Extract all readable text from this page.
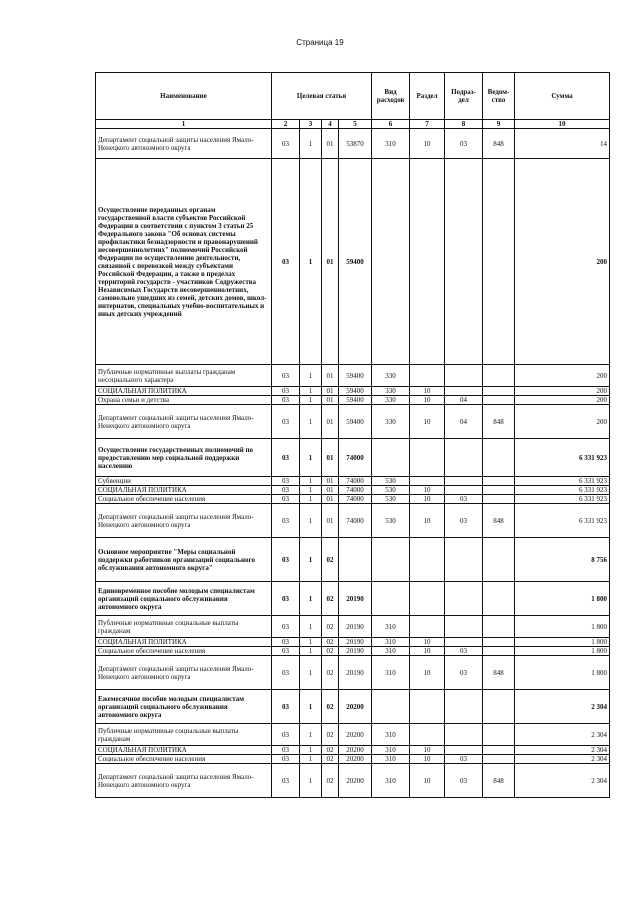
Страница 19
Наименование	Целевая статья				Вид расходов	Раздел	Подраз-дел	Ведом-ство	Сумма
1	2	3	4	5	6	7	8	9	10
Департамент социальной защиты населения Ямало-Ненецкого автономного округа	03	1	01	53870	310	10	03	848	14
Осуществление переданных органам государственной власти субъектов Российской Федерации в соответствии с пунктом 3 статьи 25 Федерального закона "Об основах системы профилактики безнадзорности и правонарушений несовершеннолетних" полномочий Российской Федерации по осуществлению деятельности, связанной с перевозкой между субъектами Российской Федерации, а также в пределах территорий государств - участников Содружества Независимых Государств несовершеннолетних, самовольно ушедших из семей, детских домов, школ-интернатов, специальных учебно-воспитательных и иных детских учреждений	03	1	01	59400					200
Публичные нормативные выплаты гражданам несоциального характера	03	1	01	59400	330				200
СОЦИАЛЬНАЯ ПОЛИТИКА	03	1	01	59400	330	10			200
Охрана семьи и детства	03	1	01	59400	330	10	04		200
Департамент социальной защиты населения Ямало-Ненецкого автономного округа	03	1	01	59400	330	10	04	848	200
Осуществление государственных полномочий по предоставлению мер социальной поддержки населению	03	1	01	74000					6 331 923
Субвенции	03	1	01	74000	530				6 331 923
СОЦИАЛЬНАЯ ПОЛИТИКА	03	1	01	74000	530	10			6 331 923
Социальное обеспечение населения	03	1	01	74000	530	10	03		6 331 923
Департамент социальной защиты населения Ямало-Ненецкого автономного округа	03	1	01	74000	530	10	03	848	6 331 923
Основное мероприятие "Меры социальной поддержки работников организаций социального обслуживания автономного округа"	03	1	02						8 756
Единовременное пособие молодым специалистам организаций социального обслуживания автономного округа	03	1	02	20190					1 800
Публичные нормативные социальные выплаты гражданам	03	1	02	20190	310				1 800
СОЦИАЛЬНАЯ ПОЛИТИКА	03	1	02	20190	310	10			1 800
Социальное обеспечение населения	03	1	02	20190	310	10	03		1 800
Департамент социальной защиты населения Ямало-Ненецкого автономного округа	03	1	02	20190	310	10	03	848	1 800
Ежемесячное пособие молодым специалистам организаций социального обслуживания автономного округа	03	1	02	20200					2 304
Публичные нормативные социальные выплаты гражданам	03	1	02	20200	310				2 304
СОЦИАЛЬНАЯ ПОЛИТИКА	03	1	02	20200	310	10			2 304
Социальное обеспечение населения	03	1	02	20200	310	10	03		2 304
Департамент социальной защиты населения Ямало-Ненецкого автономного округа	03	1	02	20200	310	10	03	848	2 304
